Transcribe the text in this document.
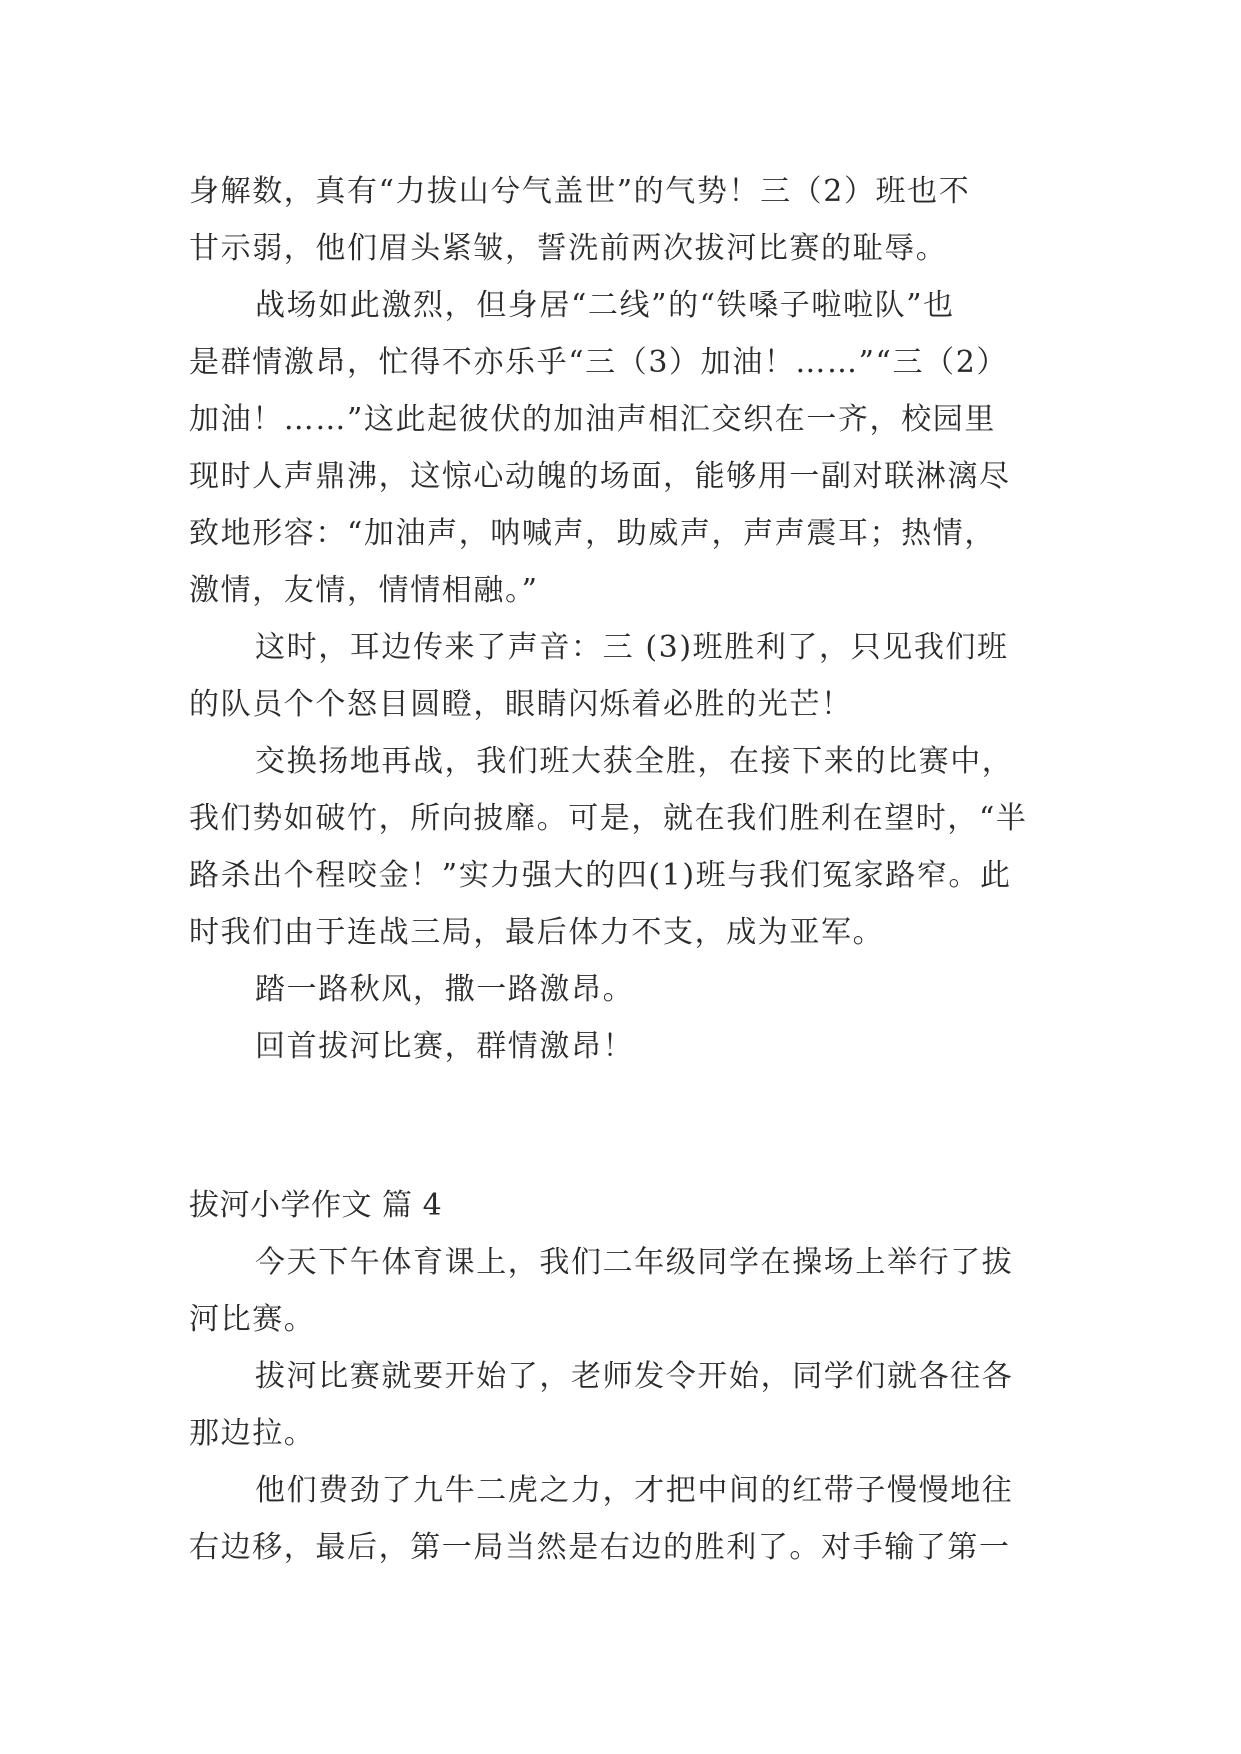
身解数，真有“力拔山兮气盖世”的气势！三（2）班也不
甘示弱，他们眉头紧皱，誓洗前两次拔河比赛的耻辱。
战场如此激烈，但身居“二线”的“铁嗓子啦啦队”也
是群情激昂，忙得不亦乐乎“三（3）加油！……”“三（2）
加油！……”这此起彼伏的加油声相汇交织在一齐，校园里
现时人声鼎沸，这惊心动魄的场面，能够用一副对联淋漓尽
致地形容：“加油声，呐喊声，助威声，声声震耳；热情，
激情，友情，情情相融。”
这时，耳边传来了声音：三 (3)班胜利了，只见我们班
的队员个个怒目圆瞪，眼睛闪烁着必胜的光芒！
交换扬地再战，我们班大获全胜，在接下来的比赛中，
我们势如破竹，所向披靡。可是，就在我们胜利在望时，“半
路杀出个程咬金！”实力强大的四(1)班与我们冤家路窄。此
时我们由于连战三局，最后体力不支，成为亚军。
踏一路秋风，撒一路激昂。
回首拔河比赛，群情激昂！
拔河小学作文 篇 4
今天下午体育课上，我们二年级同学在操场上举行了拔
河比赛。
拔河比赛就要开始了，老师发令开始，同学们就各往各
那边拉。
他们费劲了九牛二虎之力，才把中间的红带子慢慢地往
右边移，最后，第一局当然是右边的胜利了。对手输了第一
